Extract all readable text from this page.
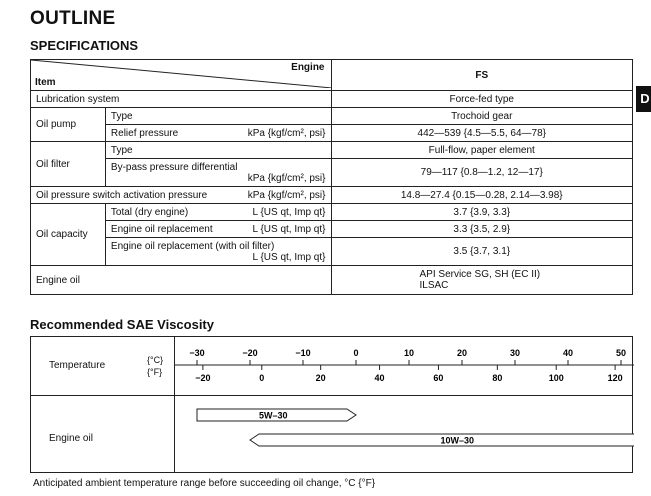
OUTLINE
SPECIFICATIONS
D
Engine
Item		FS
Lubrication system		Force-fed type
Oil pump	Type	Trochoid gear

	Relief pressure kPa {kgf/cm², psi}	442—539 {4.5—5.5, 64—78}
Oil filter	Type	Full-flow, paper element

	By-pass pressure differential
kPa {kgf/cm², psi}	79—117 {0.8—1.2, 12—17}

Oil pressure switch activation pressure kPa {kgf/cm², psi}		14.8—27.4 {0.15—0.28, 2.14—3.98}
Oil capacity	Total (dry engine) L {US qt, Imp qt}	3.7 {3.9, 3.3}

	Engine oil replacement L {US qt, Imp qt}	3.3 {3.5, 2.9}

	Engine oil replacement (with oil filter)
L {US qt, Imp qt}	3.5 {3.7, 3.1}
Engine oil		API Service SG, SH (EC II)
ILSAC
Recommended SAE Viscosity
Temperature	{°C}
{°F}
Engine oil
−30	−20	−10	0	10	20	30	40	50
−20	0	20	40	60	80	100	120
5W–30
10W–30
Anticipated ambient temperature range before succeeding oil change, °C {°F}
